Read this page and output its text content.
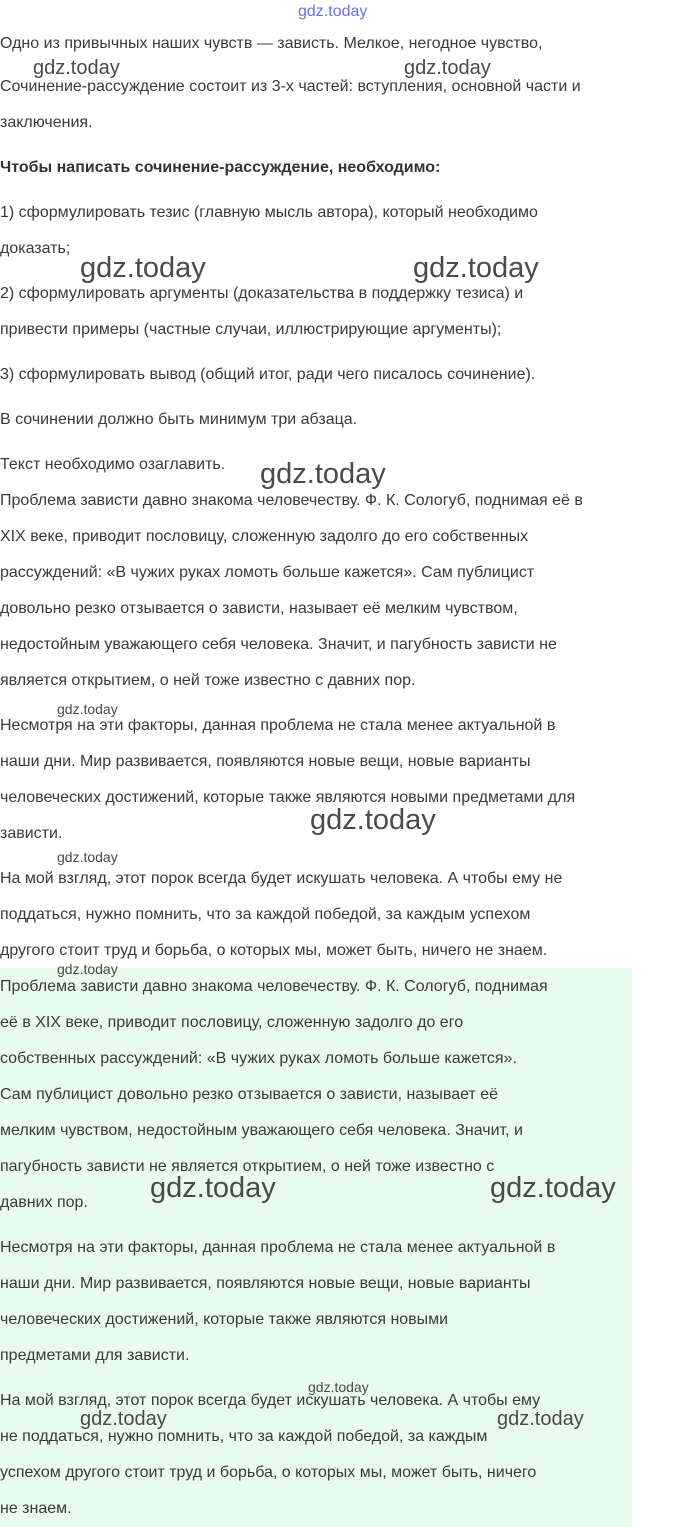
gdz.today

Одно из привычных наших чувств — зависть. Мелкое, негодное чувство,

Сочинение-рассуждение состоит из 3-х частей: вступления, основной части и

заключения.

Чтобы написать сочинение-рассуждение, необходимо:

1) сформулировать тезис (главную мысль автора), который необходимо

доказать;

2) сформулировать аргументы (доказательства в поддержку тезиса) и

привести примеры (частные случаи, иллюстрирующие аргументы);

3) сформулировать вывод (общий итог, ради чего писалось сочинение).

В сочинении должно быть минимум три абзаца.

Текст необходимо озаглавить.

Проблема зависти давно знакома человечеству. Ф. К. Сологуб, поднимая её в

XIX веке, приводит пословицу, сложенную задолго до его собственных

рассуждений: «В чужих руках ломоть больше кажется». Сам публицист

довольно резко отзывается о зависти, называет её мелким чувством,

недостойным уважающего себя человека. Значит, и пагубность зависти не

является открытием, о ней тоже известно с давних пор.

Несмотря на эти факторы, данная проблема не стала менее актуальной в

наши дни. Мир развивается, появляются новые вещи, новые варианты

человеческих достижений, которые также являются новыми предметами для

зависти.

На мой взгляд, этот порок всегда будет искушать человека. А чтобы ему не

поддаться, нужно помнить, что за каждой победой, за каждым успехом

другого стоит труд и борьба, о которых мы, может быть, ничего не знаем.

Проблема зависти давно знакома человечеству. Ф. К. Сологуб, поднимая

её в XIX веке, приводит пословицу, сложенную задолго до его

собственных рассуждений: «В чужих руках ломоть больше кажется».

Сам публицист довольно резко отзывается о зависти, называет её

мелким чувством, недостойным уважающего себя человека. Значит, и

пагубность зависти не является открытием, о ней тоже известно с

давних пор.

Несмотря на эти факторы, данная проблема не стала менее актуальной в

наши дни. Мир развивается, появляются новые вещи, новые варианты

человеческих достижений, которые также являются новыми

предметами для зависти.

На мой взгляд, этот порок всегда будет искушать человека. А чтобы ему

не поддаться, нужно помнить, что за каждой победой, за каждым

успехом другого стоит труд и борьба, о которых мы, может быть, ничего

не знаем.

gdz.today	gdz.today
gdz.today	gdz.today
gdz.today
gdz.today
gdz.today
gdz.today
gdz.today
gdz.today	gdz.today
gdz.today
gdz.today	gdz.today
